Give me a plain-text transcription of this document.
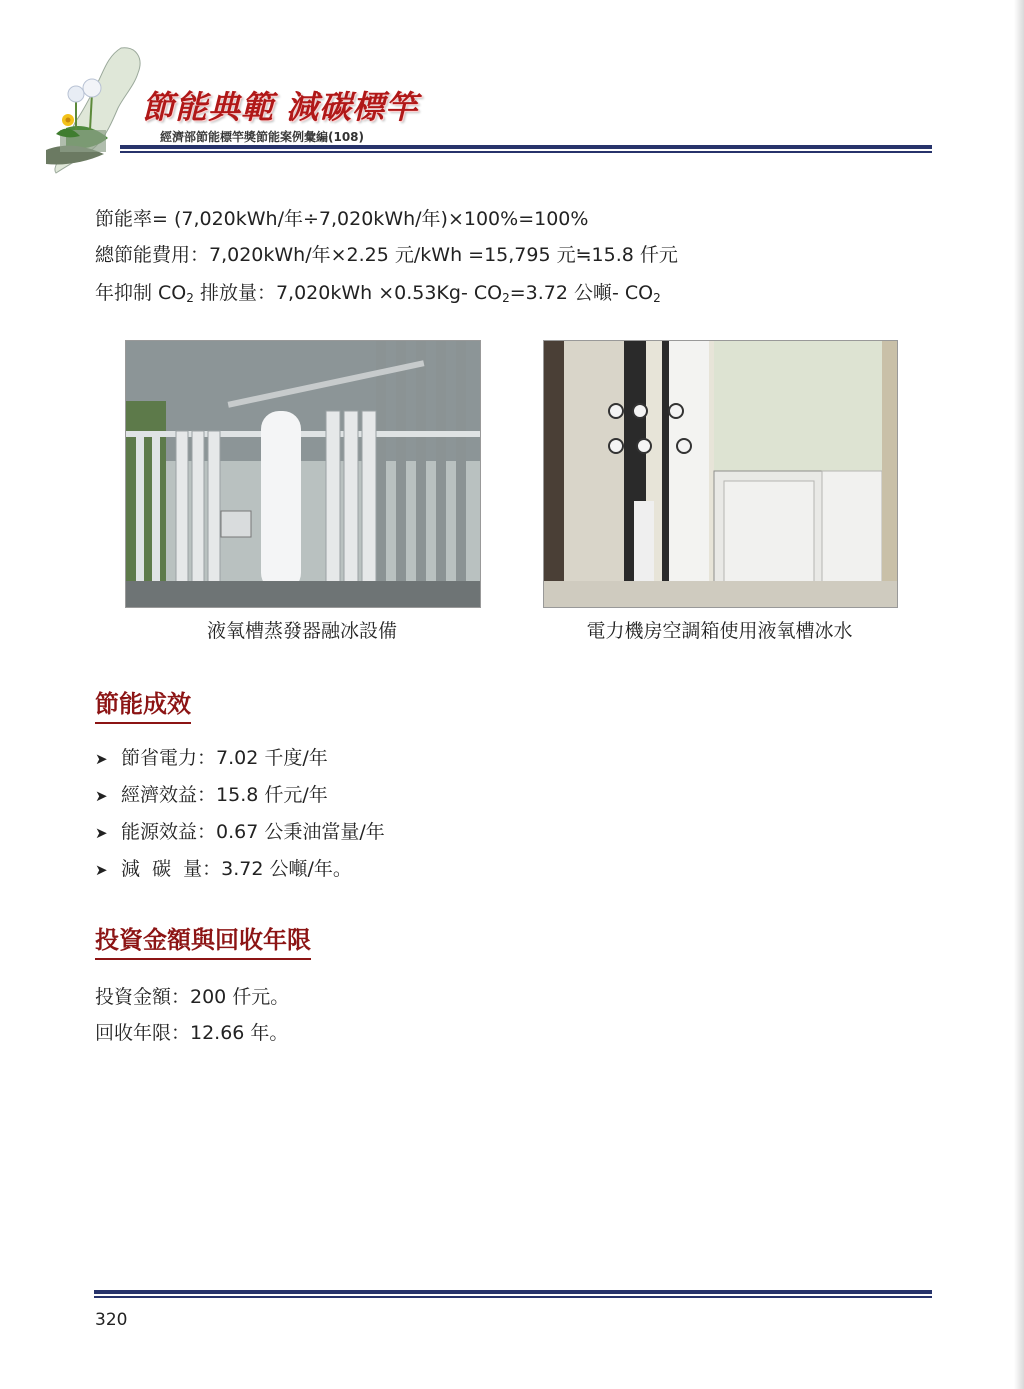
節能典範 減碳標竿
經濟部節能標竿獎節能案例彙編(108)
節能率= (7,020kWh/年÷7,020kWh/年)×100%=100%
總節能費用：7,020kWh/年×2.25 元/kWh =15,795 元≒15.8 仟元
年抑制 $CO_2$ 排放量：7,020kWh ×0.53Kg- $CO_2=3.72$ 公噸- $CO_2$
液氧槽蒸發器融冰設備	電力機房空調箱使用液氧槽冰水
節能成效
➤ 節省電力：7.02 千度/年
➤ 經濟效益：15.8 仟元/年
➤ 能源效益：0.67 公秉油當量/年
➤ 減  碳  量：3.72 公噸/年。
投資金額與回收年限
投資金額：200 仟元。
回收年限：12.66 年。
320
